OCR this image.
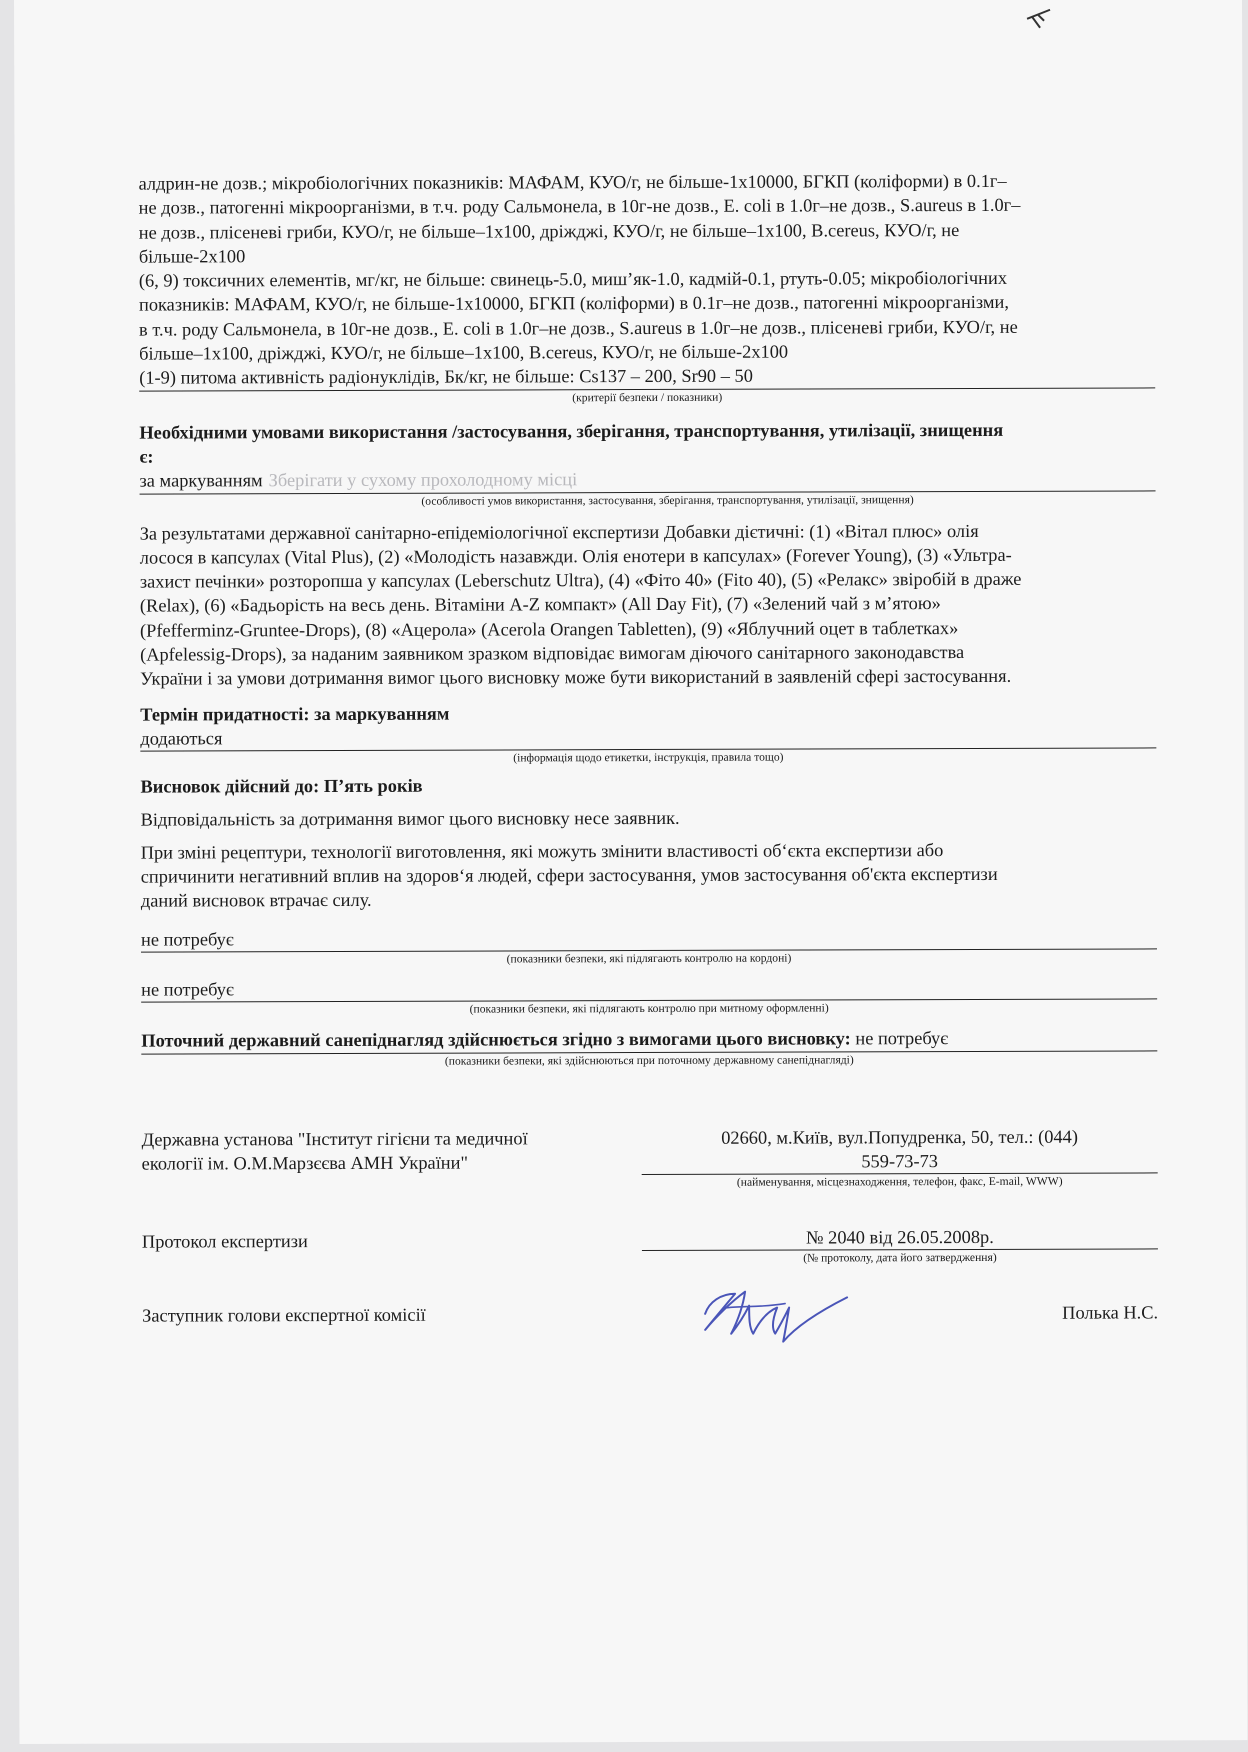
алдрин-не дозв.; мікробіологічних показників: МАФАМ, КУО/г, не більше-1х10000, БГКП (коліформи) в 0.1г–

не дозв., патогенні мікроорганізми, в т.ч. роду Сальмонела, в 10г-не дозв., E. coli в 1.0г–не дозв., S.aureus в 1.0г–

не дозв., плісеневі гриби, КУО/г, не більше–1х100, дріжджі, КУО/г, не більше–1х100, B.cereus, КУО/г, не

більше-2х100

(6, 9) токсичних елементів, мг/кг, не більше: свинець-5.0, миш’як-1.0, кадмій-0.1, ртуть-0.05; мікробіологічних

показників: МАФАМ, КУО/г, не більше-1х10000, БГКП (коліформи) в 0.1г–не дозв., патогенні мікроорганізми,

в т.ч. роду Сальмонела, в 10г-не дозв., E. coli в 1.0г–не дозв., S.aureus в 1.0г–не дозв., плісеневі гриби, КУО/г, не

більше–1х100, дріжджі, КУО/г, не більше–1х100, B.cereus, КУО/г, не більше-2х100

(1-9) питома активність радіонуклідів, Бк/кг, не більше: Cs137 – 200, Sr90 – 50

(критерії безпеки / показники)

Необхідними умовами використання /застосування, зберігання, транспортування, утилізації, знищення

є:

за маркуванням Зберігати у сухому прохолодному місці

(особливості умов використання, застосування, зберігання, транспортування, утилізації, знищення)

За результатами державної санітарно-епідеміологічної експертизи Добавки дієтичні: (1) «Вітал плюс» олія

лосося в капсулах (Vital Plus), (2) «Молодість назавжди. Олія енотери в капсулах» (Forever Young), (3) «Ультра-

захист печінки» розторопша у капсулах (Leberschutz Ultra), (4) «Фіто 40» (Fito 40), (5) «Релакс» звіробій в драже

(Relax), (6) «Бадьорість на весь день. Вітаміни A-Z компакт» (All Day Fit), (7) «Зелений чай з м’ятою»

(Pfefferminz-Gruntee-Drops), (8) «Ацерола» (Acerola Orangen Tabletten), (9) «Яблучний оцет в таблетках»

(Apfelessig-Drops), за наданим заявником зразком відповідає вимогам діючого санітарного законодавства

України і за умови дотримання вимог цього висновку може бути використаний в заявленій сфері застосування.

Термін придатності: за маркуванням

додаються

(інформація щодо етикетки, інструкція, правила тощо)

Висновок дійсний до: П’ять років

Відповідальність за дотримання вимог цього висновку несе заявник.

При зміні рецептури, технології виготовлення, які можуть змінити властивості об‘єкта експертизи або

спричинити негативний вплив на здоров‘я людей, сфери застосування, умов застосування об'єкта експертизи

даний висновок втрачає силу.

не потребує

(показники безпеки, які підлягають контролю на кордоні)

не потребує

(показники безпеки, які підлягають контролю при митному оформленні)

Поточний державний санепіднагляд здійснюється згідно з вимогами цього висновку: не потребує

(показники безпеки, які здійснюються при поточному державному санепіднагляді)

Державна установа "Інститут гігієни та медичної

екології ім. О.М.Марзєєва АМН України"

02660, м.Київ, вул.Попудренка, 50, тел.: (044)

559-73-73

(найменування, місцезнаходження, телефон, факс, E-mail, WWW)

Протокол експертизи	№ 2040 від 26.05.2008р.

(№ протоколу, дата його затвердження)

Заступник голови експертної комісії	Полька Н.С.
